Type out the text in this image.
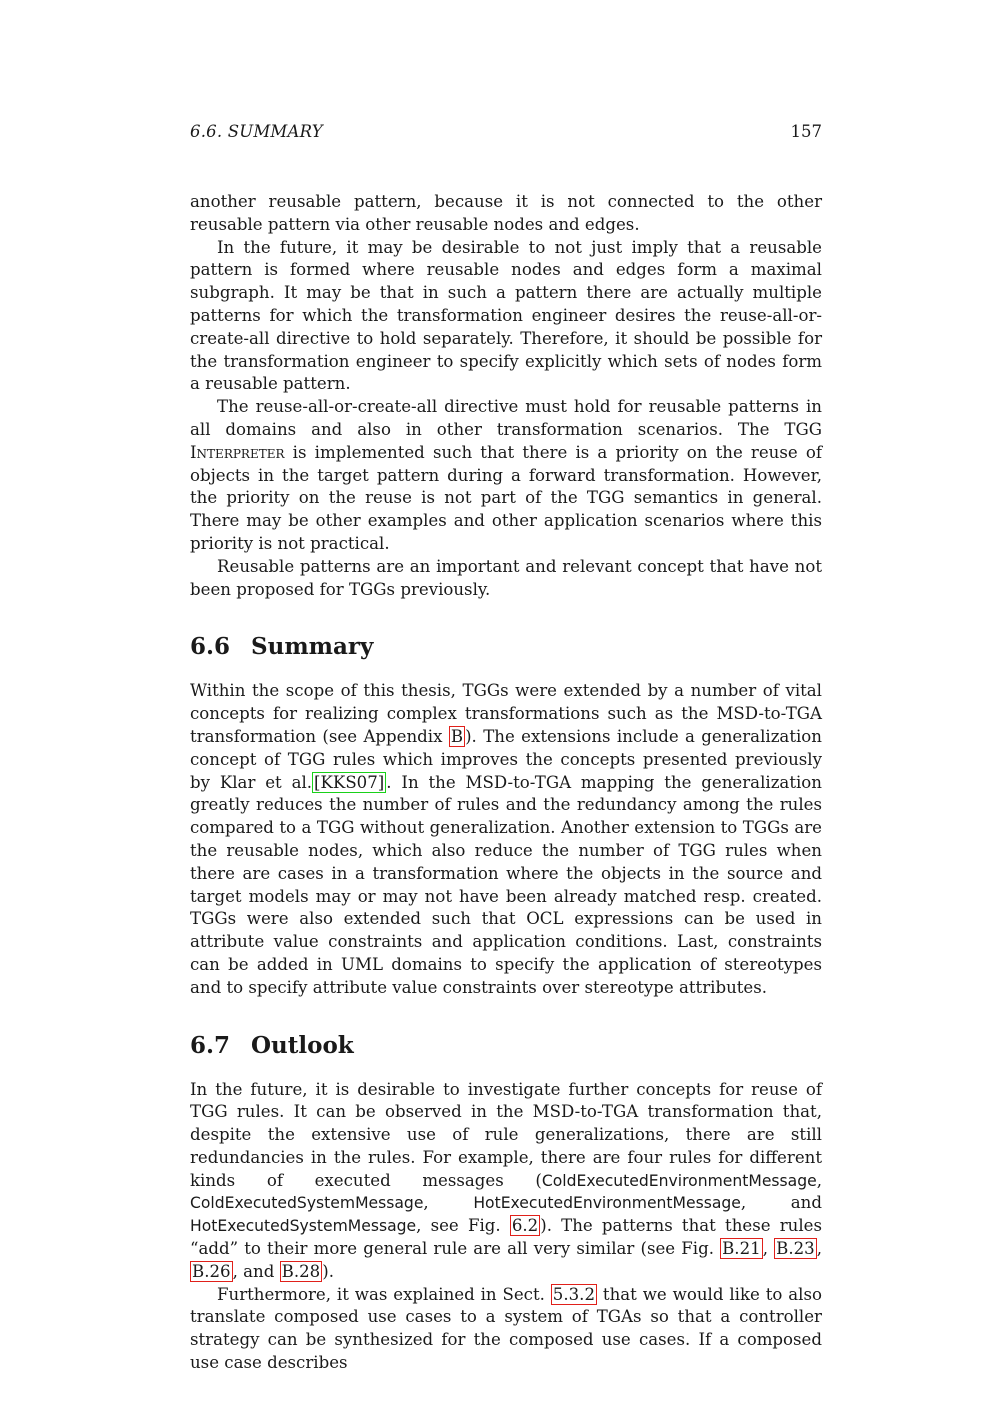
6.6. SUMMARY	157

another reusable pattern, because it is not connected to the other reusable pattern via other reusable nodes and edges.

In the future, it may be desirable to not just imply that a reusable pattern is formed where reusable nodes and edges form a maximal subgraph. It may be that in such a pattern there are actually multiple patterns for which the transformation engineer desires the reuse-all-or-create-all directive to hold separately. Therefore, it should be possible for the transformation engineer to specify explicitly which sets of nodes form a reusable pattern.

The reuse-all-or-create-all directive must hold for reusable patterns in all domains and also in other transformation scenarios. The TGG Interpreter is implemented such that there is a priority on the reuse of objects in the target pattern during a forward transformation. However, the priority on the reuse is not part of the TGG semantics in general. There may be other examples and other application scenarios where this priority is not practical.

Reusable patterns are an important and relevant concept that have not been proposed for TGGs previously.

6.6 Summary

Within the scope of this thesis, TGGs were extended by a number of vital concepts for realizing complex transformations such as the MSD-to-TGA transformation (see Appendix B ). The extensions include a generalization concept of TGG rules which improves the concepts presented previously by Klar et al. [KKS07] . In the MSD-to-TGA mapping the generalization greatly reduces the number of rules and the redundancy among the rules compared to a TGG without generalization. Another extension to TGGs are the reusable nodes, which also reduce the number of TGG rules when there are cases in a transformation where the objects in the source and target models may or may not have been already matched resp. created. TGGs were also extended such that OCL expressions can be used in attribute value constraints and application conditions. Last, constraints can be added in UML domains to specify the application of stereotypes and to specify attribute value constraints over stereotype attributes.

6.7 Outlook

In the future, it is desirable to investigate further concepts for reuse of TGG rules. It can be observed in the MSD-to-TGA transformation that, despite the extensive use of rule generalizations, there are still redundancies in the rules. For example, there are four rules for different kinds of executed messages (ColdExecutedEnvironmentMessage, ColdExecutedSystemMessage, HotExecutedEnvironmentMessage, and HotExecutedSystemMessage, see Fig. 6.2 ). The patterns that these rules “add” to their more general rule are all very similar (see Fig. B.21 , B.23 , B.26 , and B.28 ).

Furthermore, it was explained in Sect. 5.3.2 that we would like to also translate composed use cases to a system of TGAs so that a controller strategy can be synthesized for the composed use cases. If a composed use case describes
